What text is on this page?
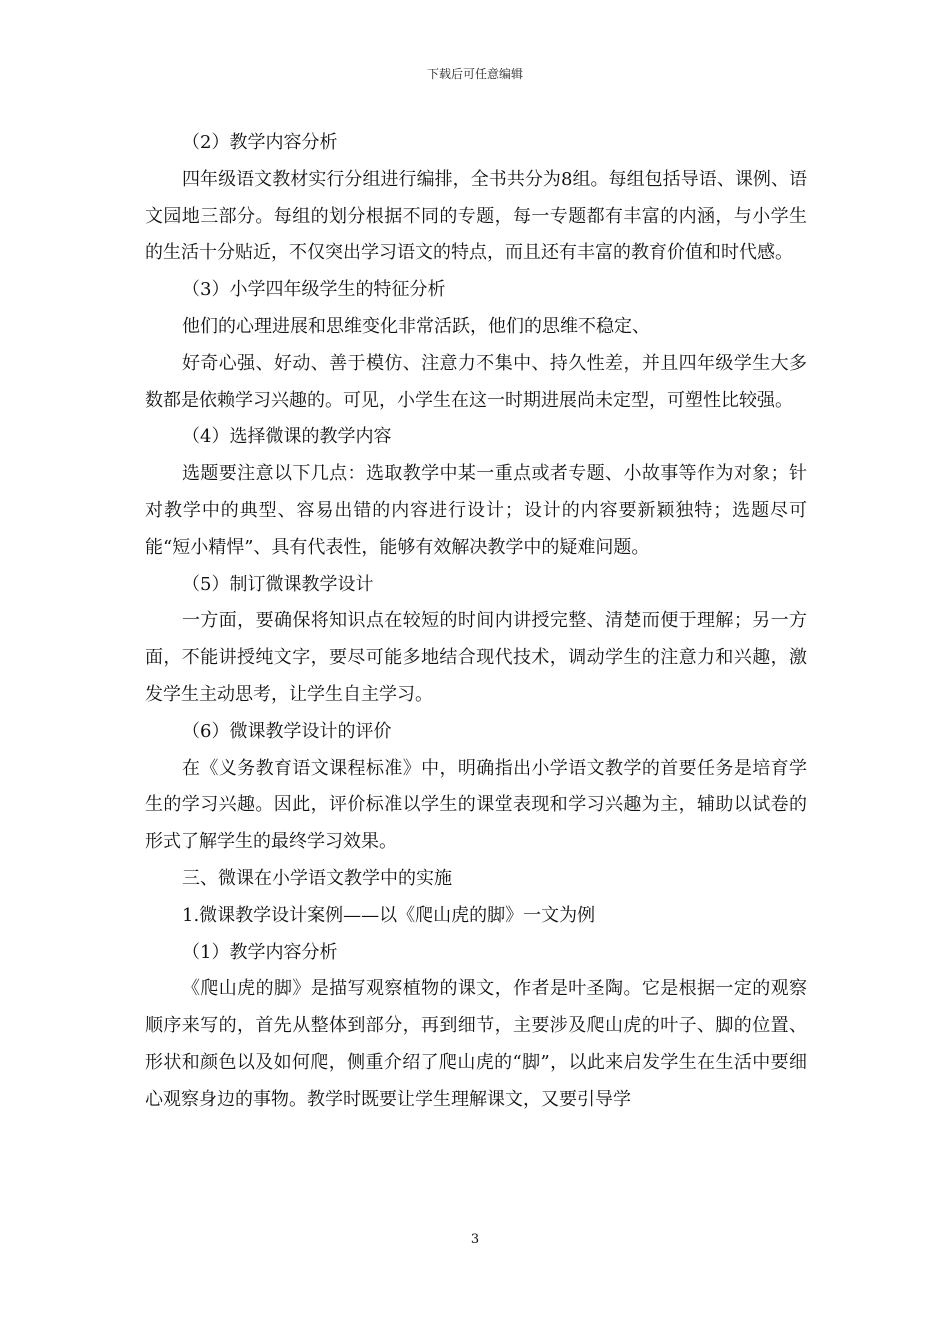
下载后可任意编辑

（2）教学内容分析

四年级语文教材实行分组进行编排，全书共分为8组。每组包括导语、课例、语文园地三部分。每组的划分根据不同的专题，每一专题都有丰富的内涵，与小学生的生活十分贴近，不仅突出学习语文的特点，而且还有丰富的教育价值和时代感。

（3）小学四年级学生的特征分析

他们的心理进展和思维变化非常活跃，他们的思维不稳定、

好奇心强、好动、善于模仿、注意力不集中、持久性差，并且四年级学生大多数都是依赖学习兴趣的。可见，小学生在这一时期进展尚未定型，可塑性比较强。

（4）选择微课的教学内容

选题要注意以下几点：选取教学中某一重点或者专题、小故事等作为对象；针对教学中的典型、容易出错的内容进行设计；设计的内容要新颖独特；选题尽可能“短小精悍”、具有代表性，能够有效解决教学中的疑难问题。

（5）制订微课教学设计

一方面，要确保将知识点在较短的时间内讲授完整、清楚而便于理解；另一方面，不能讲授纯文字，要尽可能多地结合现代技术，调动学生的注意力和兴趣，激发学生主动思考，让学生自主学习。

（6）微课教学设计的评价

在《义务教育语文课程标准》中，明确指出小学语文教学的首要任务是培育学生的学习兴趣。因此，评价标准以学生的课堂表现和学习兴趣为主，辅助以试卷的形式了解学生的最终学习效果。

三、微课在小学语文教学中的实施

1.微课教学设计案例——以《爬山虎的脚》一文为例

（1）教学内容分析

《爬山虎的脚》是描写观察植物的课文，作者是叶圣陶。它是根据一定的观察顺序来写的，首先从整体到部分，再到细节，主要涉及爬山虎的叶子、脚的位置、形状和颜色以及如何爬，侧重介绍了爬山虎的“脚”，以此来启发学生在生活中要细心观察身边的事物。教学时既要让学生理解课文，又要引导学

3
